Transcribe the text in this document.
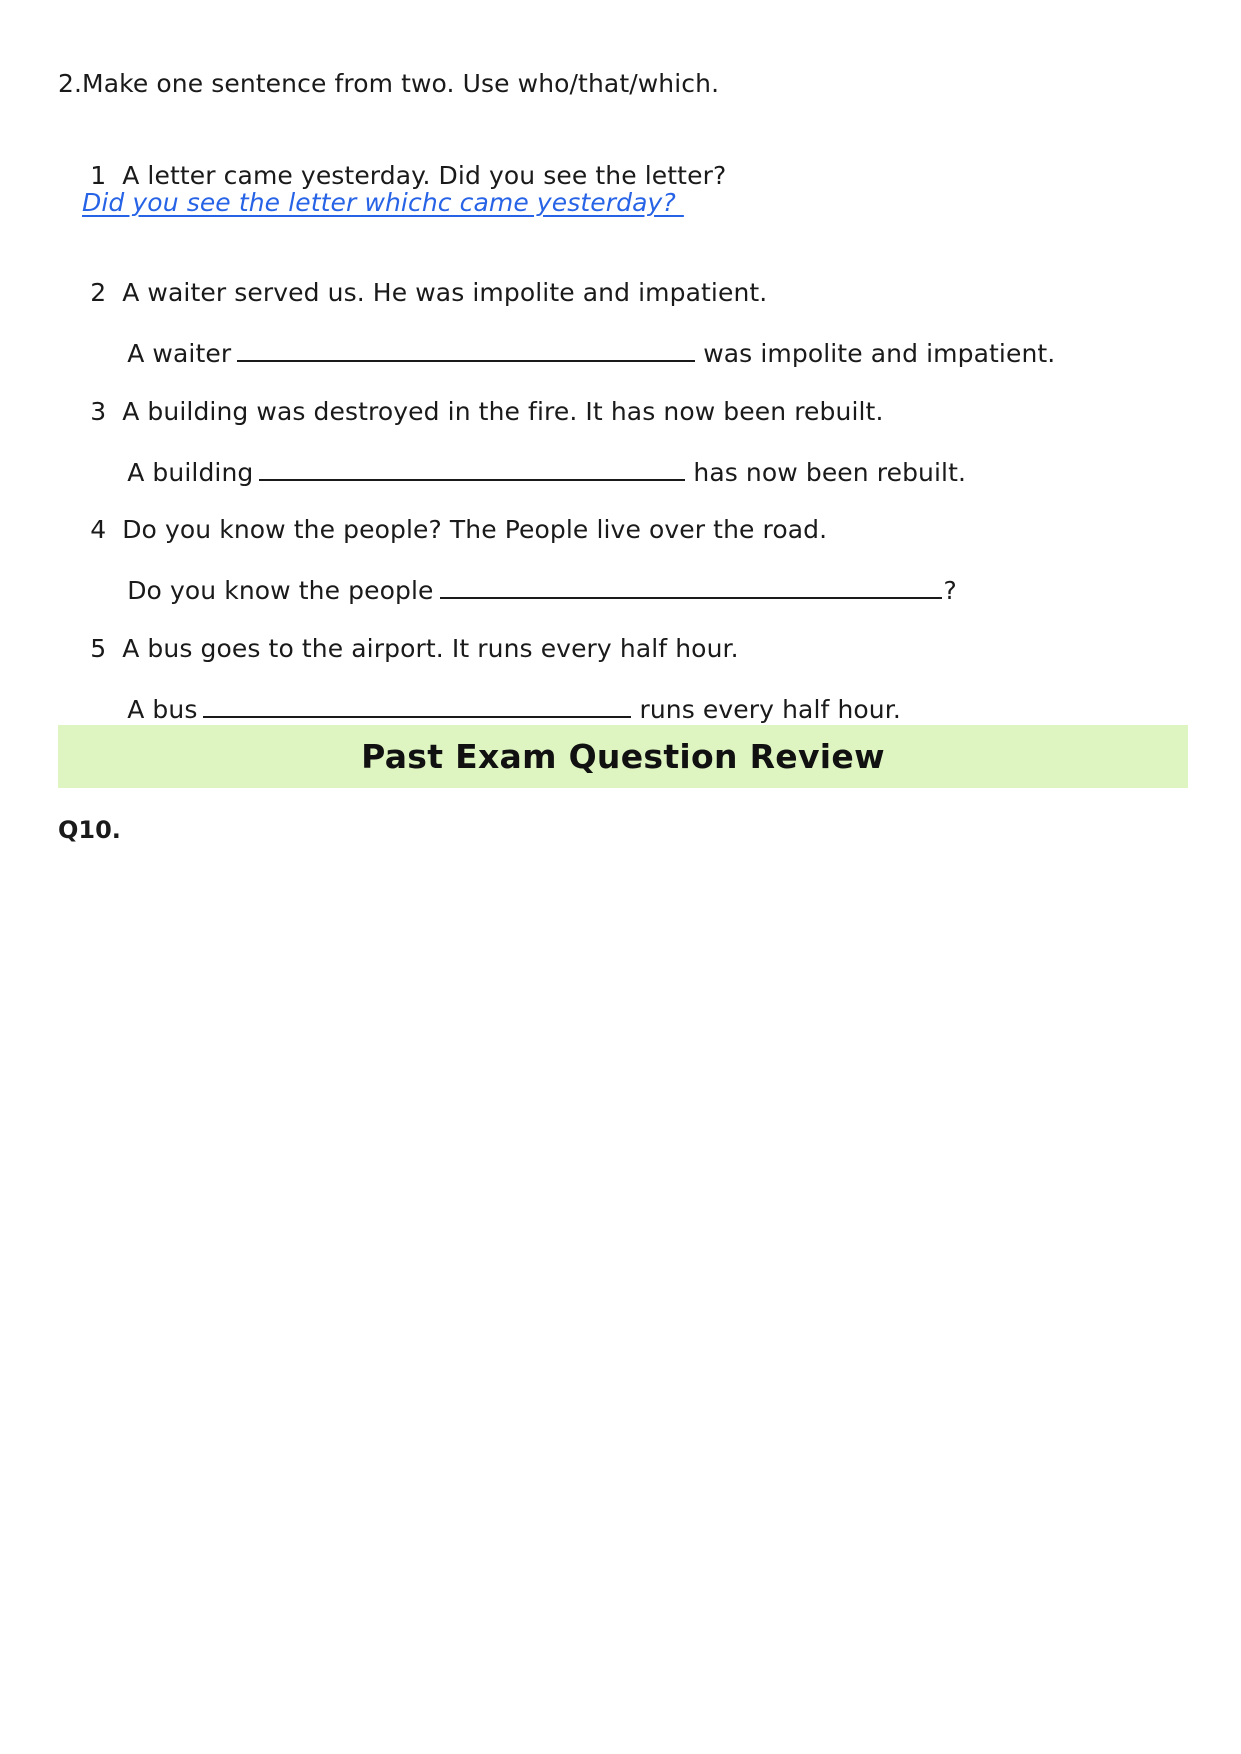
2.Make one sentence from two. Use who/that/which.

1 A letter came yesterday. Did you see the letter?

Did you see the letter whichc came yesterday?

2 A waiter served us. He was impolite and impatient.

A waiter	was impolite and impatient.

3 A building was destroyed in the fire. It has now been rebuilt.

A building	has now been rebuilt.

4 Do you know the people? The People live over the road.

Do you know the people	?

5 A bus goes to the airport. It runs every half hour.

A bus	runs every half hour.

Past Exam Question Review
Q10.
